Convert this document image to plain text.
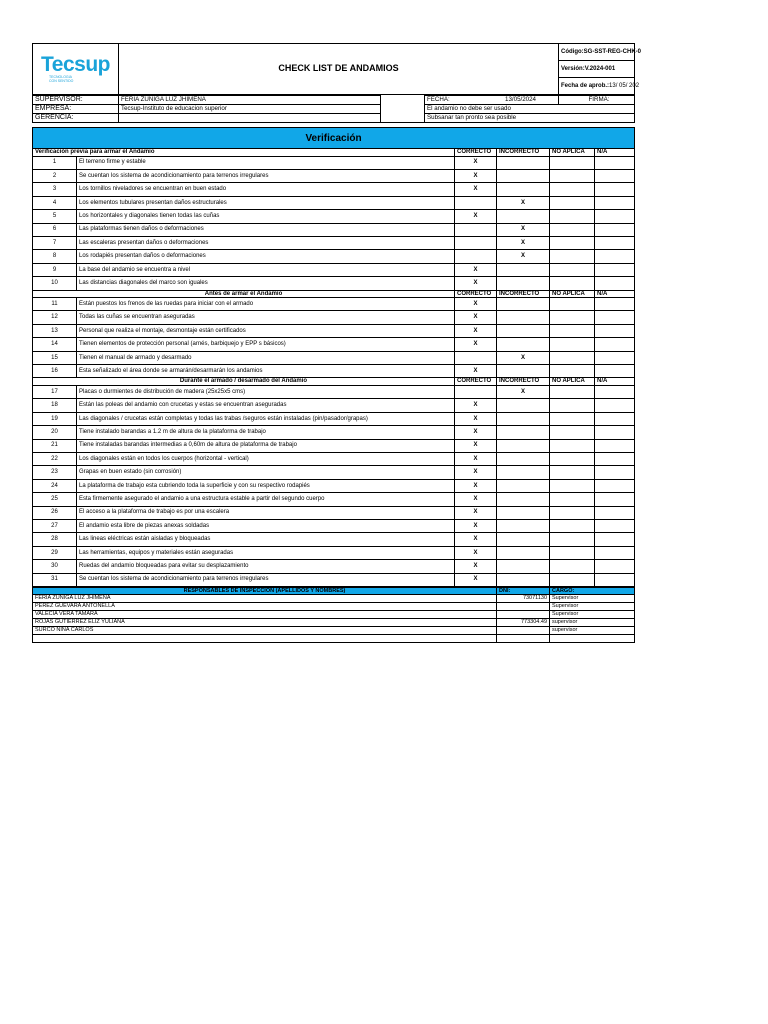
Tecsup
TECNOLOGIA
CON SENTIDO
	CHECK LIST DE ANDAMIOS	Código:SG-SST-REG-CHK-0
Versión:V.2024-001
Fecha de aprob.:13/ 05/ 202
SUPERVISOR:	FERIA ZUNIGA LUZ JHIMENA		FECHA: 13/05/2024		FIRMA:
EMPRESA:	Tecsup-Instituto de educacion superior		El andamio no debe ser usado		
GERENCIA:			Subsanar tan pronto sea posible		
Verificación					
Verificación previa para armar el Andamio		CORRECTO	INCORRECTO	NO APLICA	N/A
1	El terreno firme y estable	X			
2	Se cuentan los sistema de acondicionamiento para terrenos irregulares	X			
3	Los tornillos niveladores se encuentran en buen estado	X			
4	Los elementos tubulares presentan daños estructurales		X		
5	Los horizontales y diagonales tienen todas las cuñas	X			
6	Las plataformas tienen daños o deformaciones		X		
7	Las escaleras presentan daños o deformaciones		X		
8	Los rodapiés presentan daños o deformaciones		X		
9	La base del andamio se encuentra a nivel	X			
10	Las distancias diagonales del marco son iguales	X			
Antes de armar el Andamio		CORRECTO	INCORRECTO	NO APLICA	N/A
11	Están puestos los frenos de las ruedas para iniciar con el armado	X			
12	Todas las cuñas se encuentran aseguradas	X			
13	Personal que realiza el montaje, desmontaje están certificados	X			
14	Tienen elementos de protección personal (arnés, barbiquejo y EPP s básicos)	X			
15	Tienen el manual de armado y desarmado		X		
16	Esta señalizado el área donde se armarán/desarmarán los andamios	X			
Durante el armado / desarmado del Andamio		CORRECTO	INCORRECTO	NO APLICA	N/A
17	Placas o durmientes de distribución de madera (25x25x5 cms)		X		
18	Están las poleas del andamio con crucetas y estas se encuentran aseguradas	X			
19	Las diagonales / crucetas están completas y todas las trabas /seguros están instaladas (pin/pasador/grapas)	X			
20	Tiene instalado barandas a 1.2 m de altura de la plataforma de trabajo	X			
21	Tiene instaladas barandas intermedias a 0,60m de altura de plataforma de trabajo	X			
22	Los diagonales están en todos los cuerpos (horizontal - vertical)	X			
23	Grapas en buen estado (sin corrosión)	X			
24	La plataforma de trabajo esta cubriendo toda la superficie y con su respectivo rodapiés	X			
25	Esta firmemente asegurado el andamio a una estructura estable a partir del segundo cuerpo	X			
26	El acceso a la plataforma de trabajo es por una escalera	X			
27	El andamio esta libre de piezas anexas soldadas	X			
28	Las lineas eléctricas están aisladas y bloqueadas	X			
29	Las herramientas, equipos y materiales están aseguradas	X			
30	Ruedas del andamio bloqueadas para evitar su desplazamiento	X			
31	Se cuentan los sistema de acondicionamiento para terrenos irregulares	X			
RESPONSABLES DE INSPECCION (APELLIDOS Y NOMBRES)	DNI:	CARGO:
FERIA ZUNIGA LUZ JHIMENA	73071130	Supervisor
PEREZ GUEVARA ANTONELLA		Supervisor
VALECIA VERA TAMARA		Supervisor
ROJAS GUTIERREZ ELIZ YULIANA	773304.49	supervisor
SURCO NINA CARLOS		supervisor
